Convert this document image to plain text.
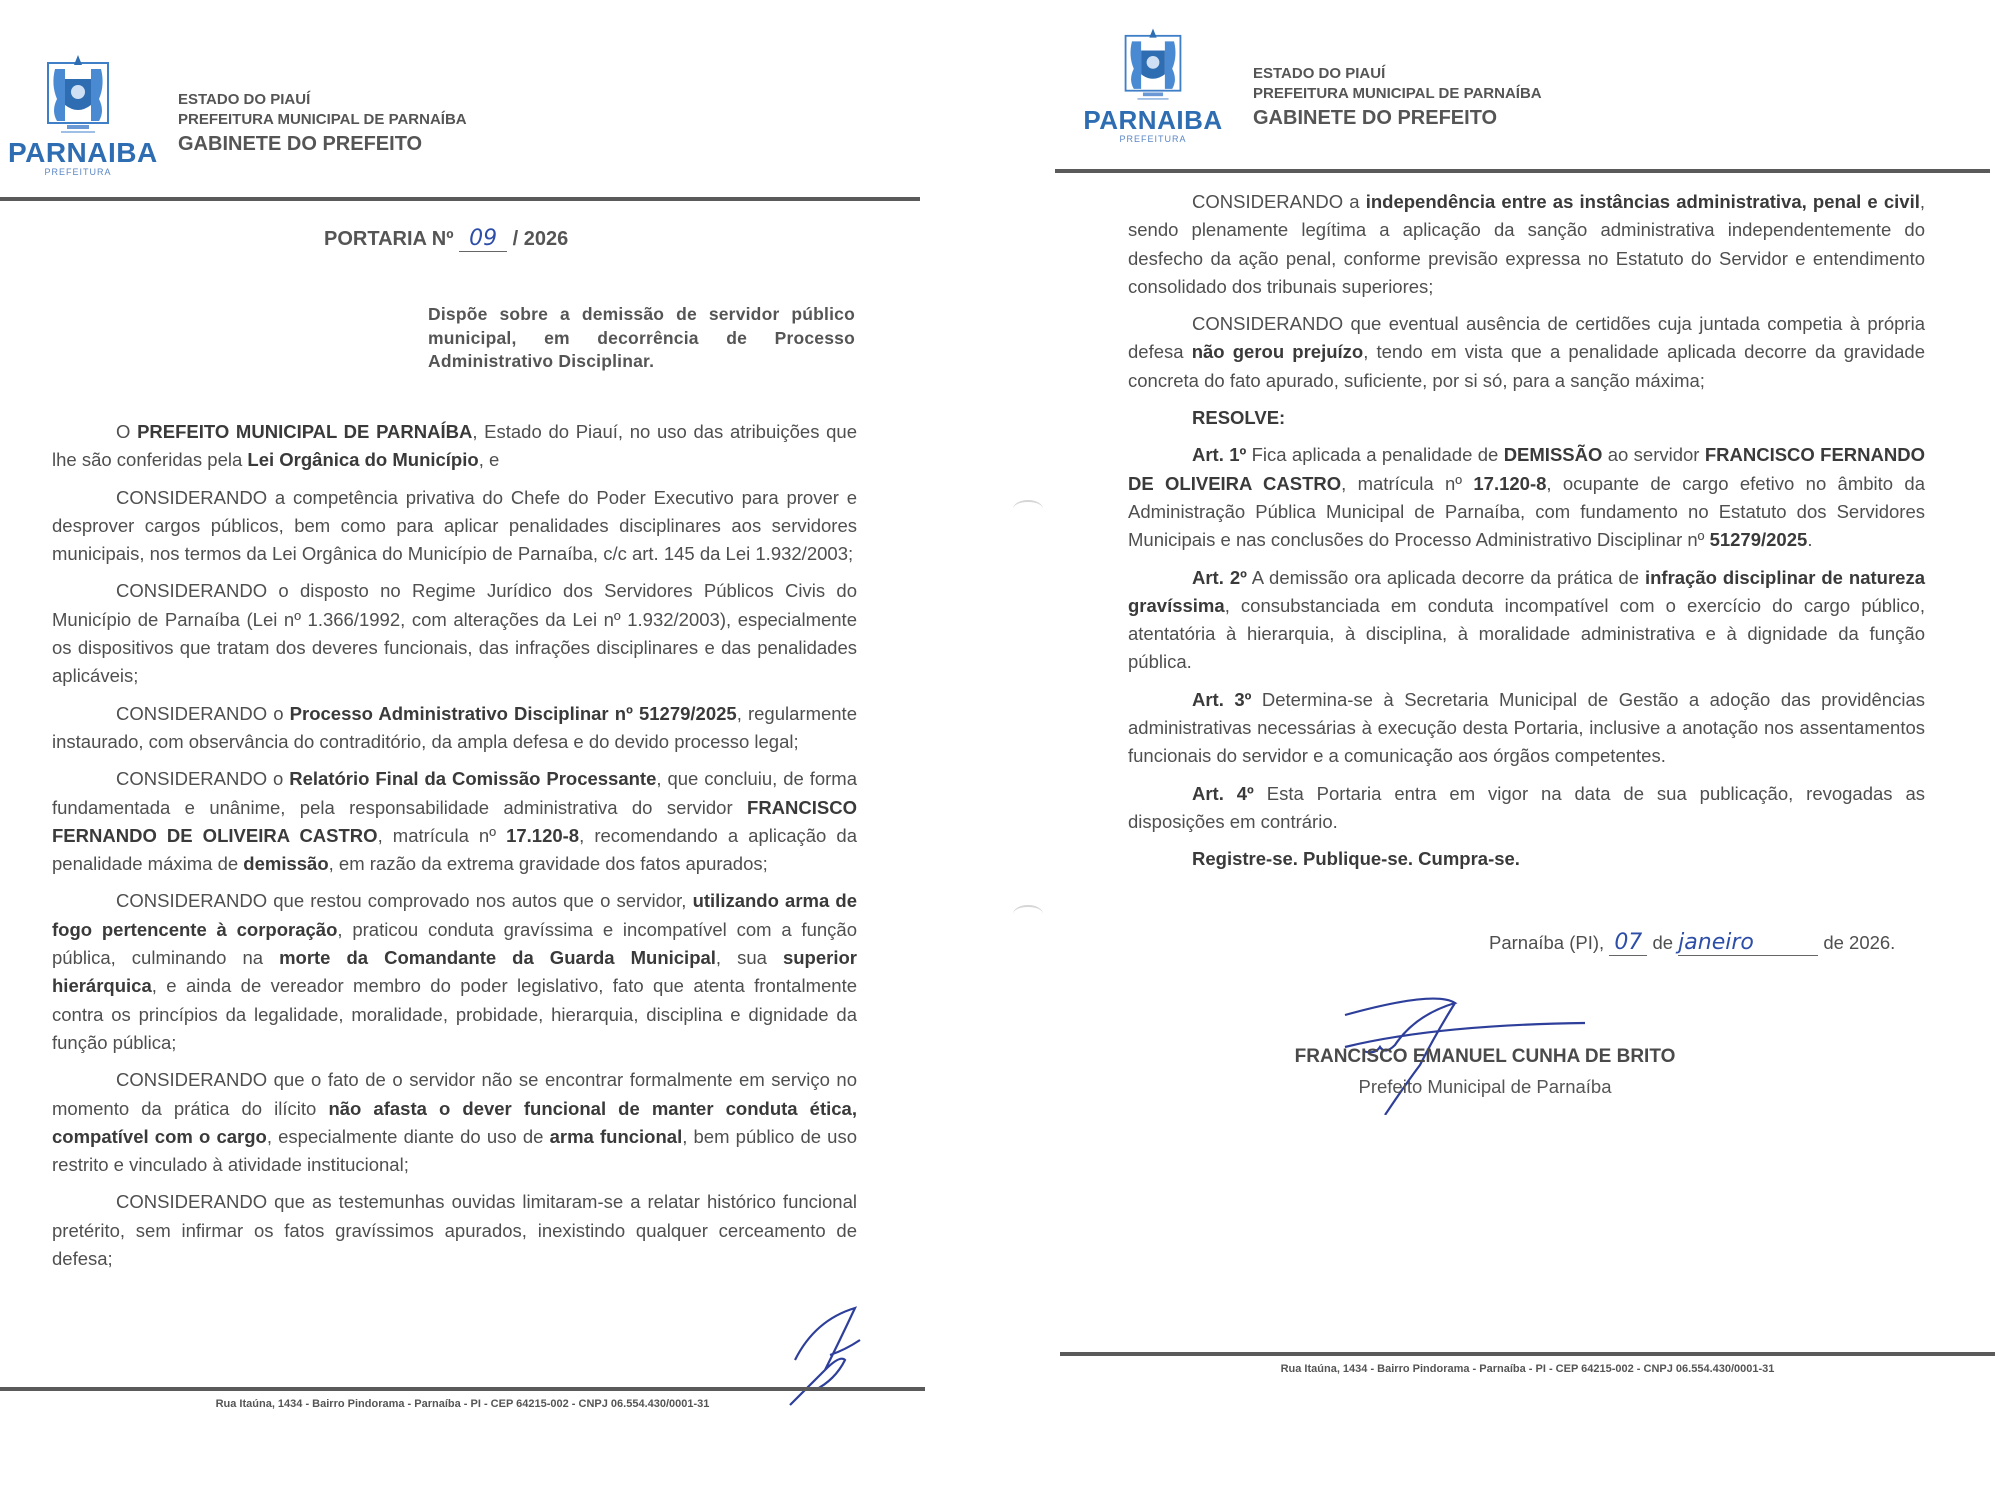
PARNAIBA
PREFEITURA
ESTADO DO PIAUÍ
PREFEITURA MUNICIPAL DE PARNAÍBA
GABINETE DO PREFEITO
PORTARIA Nº 09 / 2026
Dispõe sobre a demissão de servidor público municipal, em decorrência de Processo Administrativo Disciplinar.

O PREFEITO MUNICIPAL DE PARNAÍBA, Estado do Piauí, no uso das atribuições que lhe são conferidas pela Lei Orgânica do Município, e

CONSIDERANDO a competência privativa do Chefe do Poder Executivo para prover e desprover cargos públicos, bem como para aplicar penalidades disciplinares aos servidores municipais, nos termos da Lei Orgânica do Município de Parnaíba, c/c art. 145 da Lei 1.932/2003;

CONSIDERANDO o disposto no Regime Jurídico dos Servidores Públicos Civis do Município de Parnaíba (Lei nº 1.366/1992, com alterações da Lei nº 1.932/2003), especialmente os dispositivos que tratam dos deveres funcionais, das infrações disciplinares e das penalidades aplicáveis;

CONSIDERANDO o Processo Administrativo Disciplinar nº 51279/2025, regularmente instaurado, com observância do contraditório, da ampla defesa e do devido processo legal;

CONSIDERANDO o Relatório Final da Comissão Processante, que concluiu, de forma fundamentada e unânime, pela responsabilidade administrativa do servidor FRANCISCO FERNANDO DE OLIVEIRA CASTRO, matrícula nº 17.120-8, recomendando a aplicação da penalidade máxima de demissão, em razão da extrema gravidade dos fatos apurados;

CONSIDERANDO que restou comprovado nos autos que o servidor, utilizando arma de fogo pertencente à corporação, praticou conduta gravíssima e incompatível com a função pública, culminando na morte da Comandante da Guarda Municipal, sua superior hierárquica, e ainda de vereador membro do poder legislativo, fato que atenta frontalmente contra os princípios da legalidade, moralidade, probidade, hierarquia, disciplina e dignidade da função pública;

CONSIDERANDO que o fato de o servidor não se encontrar formalmente em serviço no momento da prática do ilícito não afasta o dever funcional de manter conduta ética, compatível com o cargo, especialmente diante do uso de arma funcional, bem público de uso restrito e vinculado à atividade institucional;

CONSIDERANDO que as testemunhas ouvidas limitaram-se a relatar histórico funcional pretérito, sem infirmar os fatos gravíssimos apurados, inexistindo qualquer cerceamento de defesa;

Rua Itaúna, 1434 - Bairro Pindorama - Parnaíba - PI - CEP 64215-002 - CNPJ 06.554.430/0001-31
PARNAIBA
PREFEITURA
ESTADO DO PIAUÍ
PREFEITURA MUNICIPAL DE PARNAÍBA
GABINETE DO PREFEITO

CONSIDERANDO a independência entre as instâncias administrativa, penal e civil, sendo plenamente legítima a aplicação da sanção administrativa independentemente do desfecho da ação penal, conforme previsão expressa no Estatuto do Servidor e entendimento consolidado dos tribunais superiores;

CONSIDERANDO que eventual ausência de certidões cuja juntada competia à própria defesa não gerou prejuízo, tendo em vista que a penalidade aplicada decorre da gravidade concreta do fato apurado, suficiente, por si só, para a sanção máxima;

RESOLVE:

Art. 1º Fica aplicada a penalidade de DEMISSÃO ao servidor FRANCISCO FERNANDO DE OLIVEIRA CASTRO, matrícula nº 17.120-8, ocupante de cargo efetivo no âmbito da Administração Pública Municipal de Parnaíba, com fundamento no Estatuto dos Servidores Municipais e nas conclusões do Processo Administrativo Disciplinar nº 51279/2025.

Art. 2º A demissão ora aplicada decorre da prática de infração disciplinar de natureza gravíssima, consubstanciada em conduta incompatível com o exercício do cargo público, atentatória à hierarquia, à disciplina, à moralidade administrativa e à dignidade da função pública.

Art. 3º Determina-se à Secretaria Municipal de Gestão a adoção das providências administrativas necessárias à execução desta Portaria, inclusive a anotação nos assentamentos funcionais do servidor e a comunicação aos órgãos competentes.

Art. 4º Esta Portaria entra em vigor na data de sua publicação, revogadas as disposições em contrário.

Registre-se. Publique-se. Cumpra-se.

Parnaíba (PI), 07 de janeiro	de 2026.
FRANCISCO EMANUEL CUNHA DE BRITO
Prefeito Municipal de Parnaíba
Rua Itaúna, 1434 - Bairro Pindorama - Parnaíba - PI - CEP 64215-002 - CNPJ 06.554.430/0001-31
